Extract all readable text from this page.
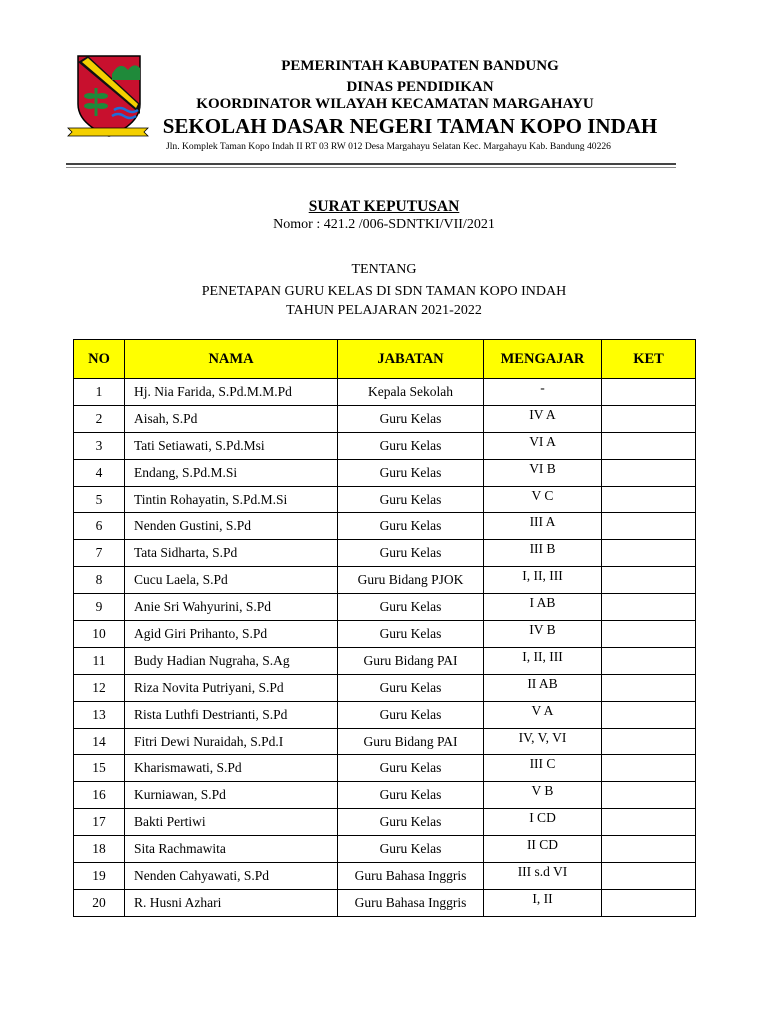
PEMERINTAH KABUPATEN BANDUNG
DINAS PENDIDIKAN
KOORDINATOR WILAYAH KECAMATAN MARGAHAYU
SEKOLAH DASAR NEGERI TAMAN KOPO INDAH
Jln. Komplek Taman Kopo Indah II RT 03 RW 012 Desa Margahayu Selatan Kec. Margahayu Kab. Bandung 40226
SURAT KEPUTUSAN
Nomor : 421.2 /006-SDNTKI/VII/2021
TENTANG
PENETAPAN GURU KELAS DI SDN TAMAN KOPO INDAH
TAHUN PELAJARAN 2021-2022
NO	NAMA	JABATAN	MENGAJAR	KET
1	Hj. Nia Farida, S.Pd.M.M.Pd	Kepala Sekolah	-	
2	Aisah, S.Pd	Guru Kelas	IV A	
3	Tati Setiawati, S.Pd.Msi	Guru Kelas	VI A	
4	Endang, S.Pd.M.Si	Guru Kelas	VI B	
5	Tintin Rohayatin, S.Pd.M.Si	Guru Kelas	V C	
6	Nenden Gustini, S.Pd	Guru Kelas	III A	
7	Tata Sidharta, S.Pd	Guru Kelas	III B	
8	Cucu Laela, S.Pd	Guru Bidang PJOK	I, II, III	
9	Anie Sri Wahyurini, S.Pd	Guru Kelas	I AB	
10	Agid Giri Prihanto, S.Pd	Guru Kelas	IV B	
11	Budy Hadian Nugraha, S.Ag	Guru Bidang PAI	I, II, III	
12	Riza Novita Putriyani, S.Pd	Guru Kelas	II AB	
13	Rista Luthfi Destrianti, S.Pd	Guru Kelas	V A	
14	Fitri Dewi Nuraidah, S.Pd.I	Guru Bidang PAI	IV, V, VI	
15	Kharismawati, S.Pd	Guru Kelas	III C	
16	Kurniawan, S.Pd	Guru Kelas	V B	
17	Bakti Pertiwi	Guru Kelas	I CD	
18	Sita Rachmawita	Guru Kelas	II CD	
19	Nenden Cahyawati, S.Pd	Guru Bahasa Inggris	III s.d VI	
20	R. Husni Azhari	Guru Bahasa Inggris	I, II	
